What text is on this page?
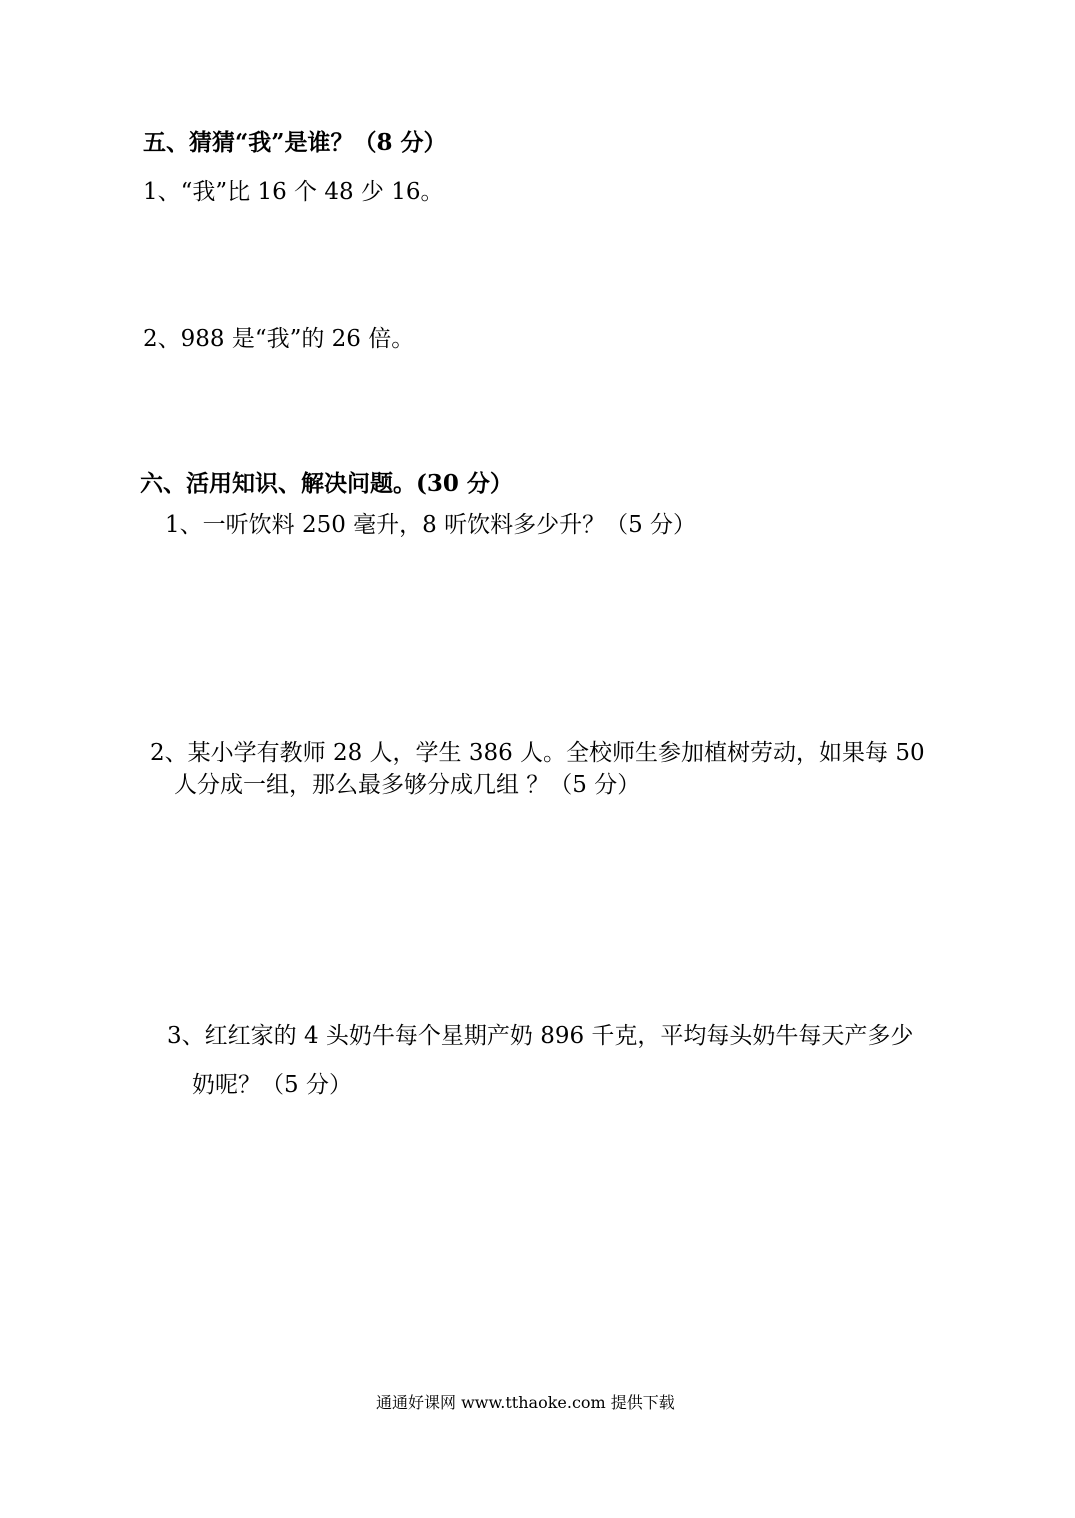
五、猜猜“我”是谁？（8 分）
1、“我”比 16 个 48 少 16。
2、988 是“我”的 26 倍。
六、活用知识、解决问题。(30 分）
1、一听饮料 250 毫升，8 听饮料多少升？（5 分）
2、某小学有教师 28 人，学生 386 人。全校师生参加植树劳动，如果每 50
人分成一组，那么最多够分成几组 ？（5 分）
3、红红家的 4 头奶牛每个星期产奶 896 千克，平均每头奶牛每天产多少
奶呢？（5 分）
通通好课网 www.tthaoke.com 提供下载
